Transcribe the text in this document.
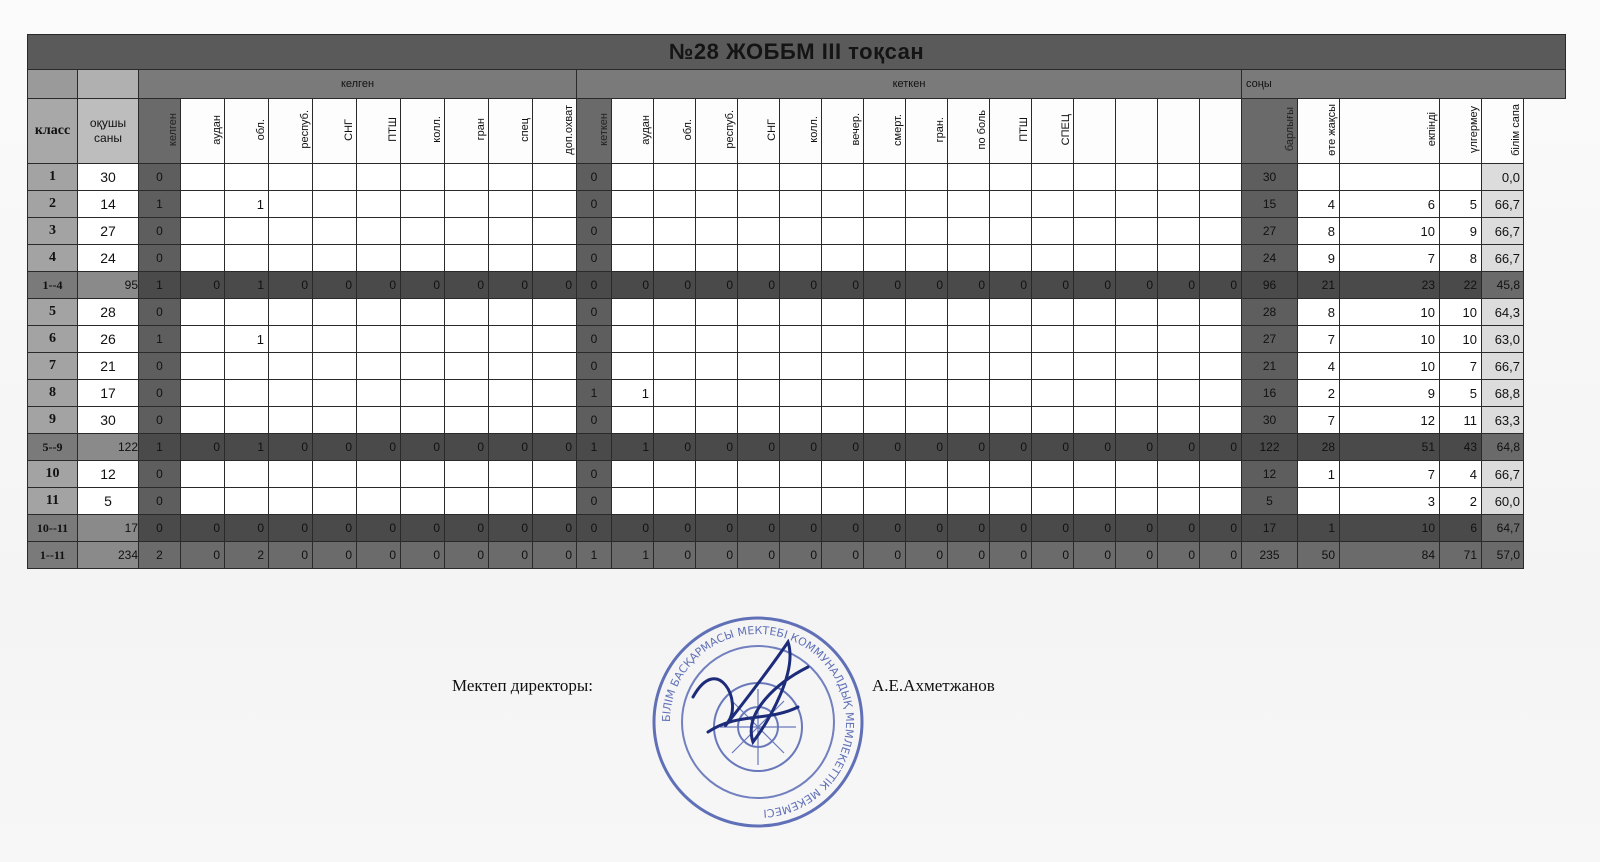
№28 ЖОББМ III тоқсан																																
		келген										кеткен																соңы				
класс	оқушы саны	келген	аудан	обл.	респуб.	СНГ	ПТШ	колл.	гран	спец	доп.охват	кеткен	аудан	обл.	респуб.	СНГ	колл.	вечер.	смерт.	гран.	по боль	ПТШ	СПЕЦ					барлығы	өте жақсы	екпінді	үлгермеу	білім сапа
1	30	0										0																30				0,0
2	14	1		1								0																15	4	6	5	66,7
3	27	0										0																27	8	10	9	66,7
4	24	0										0																24	9	7	8	66,7
1--4	95	1	0	1	0	0	0	0	0	0	0	0	0	0	0	0	0	0	0	0	0	0	0	0	0	0	0	96	21	23	22	45,8
5	28	0										0																28	8	10	10	64,3
6	26	1		1								0																27	7	10	10	63,0
7	21	0										0																21	4	10	7	66,7
8	17	0										1	1															16	2	9	5	68,8
9	30	0										0																30	7	12	11	63,3
5--9	122	1	0	1	0	0	0	0	0	0	0	1	1	0	0	0	0	0	0	0	0	0	0	0	0	0	0	122	28	51	43	64,8
10	12	0										0																12	1	7	4	66,7
11	5	0										0																5		3	2	60,0
10--11	17	0	0	0	0	0	0	0	0	0	0	0	0	0	0	0	0	0	0	0	0	0	0	0	0	0	0	17	1	10	6	64,7
1--11	234	2	0	2	0	0	0	0	0	0	0	1	1	0	0	0	0	0	0	0	0	0	0	0	0	0	0	235	50	84	71	57,0
Мектеп директоры:	А.Е.Ахметжанов
БІЛІМ БАСҚАРМАСЫ МЕКТЕБІ КОММУНАЛДЫҚ МЕМЛЕКЕТТІК МЕКЕМЕСІ
